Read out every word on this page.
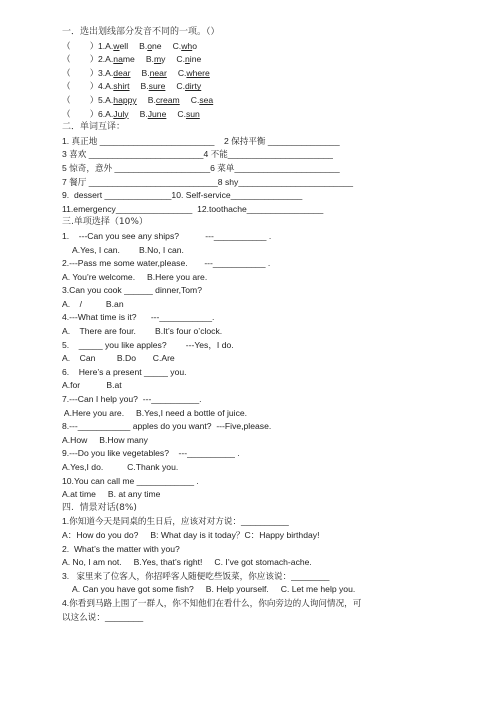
一．选出划线部分发音不同的一项。（）
（        ）1.A.well B.one C.who
（        ）2.A.name B.my C.nine
（        ）3.A.dear B.near C.where
（        ）4.A.shirt B.sure C.dirty
（        ）5.A.happy B.cream C.sea
（        ）6.A.July B.June C.sun
二．单词互译：
1. 真正地 ________________________    2 保持平衡 _______________
3 喜欢 ________________________4 不能______________________
5 惊奇，意外 ____________________6 菜单______________________
7 餐厅 ___________________________8 shy________________________
9.  dessert ______________10. Self-service_______________
11.emergency________________  12.toothache________________
三.单项选择（10%）
1.    ---Can you see any ships?           ---___________ .
A.Yes, I can.        B.No, I can.
2.---Pass me some water,please.       ---___________ .
A. You’re welcome.     B.Here you are.
3.Can you cook ______ dinner,Tom?
A.    /          B.an
4.---What time is it?      ---___________.
A.    There are four.        B.It’s four o’clock.
5.    _____ you like apples?        ---Yes，I do.
A.    Can         B.Do       C.Are
6.    Here’s a present _____ you.
A.for           B.at
7.---Can I help you?  ---__________.
A.Here you are.     B.Yes,I need a bottle of juice.
8.---___________ apples do you want?  ---Five,please.
A.How     B.How many
9.---Do you like vegetables?    ---__________ .
A.Yes,I do.          C.Thank you.
10.You can call me ____________ .
A.at time     B. at any time
四.  情景对话(8%)
1.你知道今天是同桌的生日后，应该对对方说：__________
A：How do you do?     B: What day is it today？C：Happy birthday!
2.  What’s the matter with you?
A. No, I am not.     B.Yes, that’s right!     C. I’ve got stomach-ache.
3.   家里来了位客人，你招呼客人随便吃些饭菜，你应该说：________
A. Can you have got some fish?     B. Help yourself.     C. Let me help you.
4.你看到马路上围了一群人，你不知他们在看什么，你向旁边的人询问情况，可
以这么说：________
